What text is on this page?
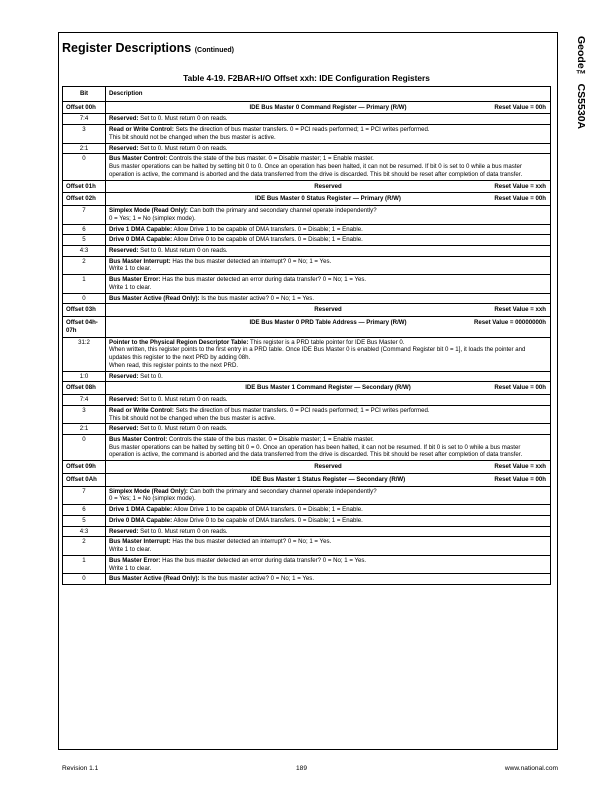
Geode™ CS5530A
Register Descriptions (Continued)
Table 4-19. F2BAR+I/O Offset xxh: IDE Configuration Registers
Bit	Description
Offset 00h	IDE Bus Master 0 Command Register — Primary (R/W) Reset Value = 00h

7:4	Reserved: Set to 0. Must return 0 on reads.
3	Read or Write Control: Sets the direction of bus master transfers. 0 = PCI reads performed; 1 = PCI writes performed.
This bit should not be changed when the bus master is active.

2:1	Reserved: Set to 0. Must return 0 on reads.
0	Bus Master Control: Controls the state of the bus master. 0 = Disable master; 1 = Enable master.
Bus master operations can be halted by setting bit 0 to 0. Once an operation has been halted, it can not be resumed. If bit 0 is set to 0 while a bus master operation is active, the command is aborted and the data transferred from the drive is discarded. This bit should be reset after completion of data transfer.

Offset 01h	Reserved Reset Value = xxh

Offset 02h	IDE Bus Master 0 Status Register — Primary (R/W) Reset Value = 00h

7	Simplex Mode (Read Only): Can both the primary and secondary channel operate independently?
0 = Yes; 1 = No (simplex mode).

6	Drive 1 DMA Capable: Allow Drive 1 to be capable of DMA transfers. 0 = Disable; 1 = Enable.
5	Drive 0 DMA Capable: Allow Drive 0 to be capable of DMA transfers. 0 = Disable; 1 = Enable.
4:3	Reserved: Set to 0. Must return 0 on reads.
2	Bus Master Interrupt: Has the bus master detected an interrupt? 0 = No; 1 = Yes.
Write 1 to clear.

1	Bus Master Error: Has the bus master detected an error during data transfer? 0 = No; 1 = Yes.
Write 1 to clear.

0	Bus Master Active (Read Only): Is the bus master active? 0 = No; 1 = Yes.
Offset 03h	Reserved Reset Value = xxh

Offset 04h-07h	IDE Bus Master 0 PRD Table Address — Primary (R/W) Reset Value = 00000000h

31:2	Pointer to the Physical Region Descriptor Table: This register is a PRD table pointer for IDE Bus Master 0.
When written, this register points to the first entry in a PRD table. Once IDE Bus Master 0 is enabled (Command Register bit 0 = 1], it loads the pointer and updates this register to the next PRD by adding 08h.
When read, this register points to the next PRD.

1:0	Reserved: Set to 0.
Offset 08h	IDE Bus Master 1 Command Register — Secondary (R/W) Reset Value = 00h

7:4	Reserved: Set to 0. Must return 0 on reads.
3	Read or Write Control: Sets the direction of bus master transfers. 0 = PCI reads performed; 1 = PCI writes performed.
This bit should not be changed when the bus master is active.

2:1	Reserved: Set to 0. Must return 0 on reads.
0	Bus Master Control: Controls the state of the bus master. 0 = Disable master; 1 = Enable master.
Bus master operations can be halted by setting bit 0 = 0. Once an operation has been halted, it can not be resumed. If bit 0 is set to 0 while a bus master operation is active, the command is aborted and the data transferred from the drive is discarded. This bit should be reset after completion of data transfer.

Offset 09h	Reserved Reset Value = xxh

Offset 0Ah	IDE Bus Master 1 Status Register — Secondary (R/W) Reset Value = 00h

7	Simplex Mode (Read Only): Can both the primary and secondary channel operate independently?
0 = Yes; 1 = No (simplex mode).

6	Drive 1 DMA Capable: Allow Drive 1 to be capable of DMA transfers. 0 = Disable; 1 = Enable.
5	Drive 0 DMA Capable: Allow Drive 0 to be capable of DMA transfers. 0 = Disable; 1 = Enable.
4:3	Reserved: Set to 0. Must return 0 on reads.
2	Bus Master Interrupt: Has the bus master detected an interrupt? 0 = No; 1 = Yes.
Write 1 to clear.

1	Bus Master Error: Has the bus master detected an error during data transfer? 0 = No; 1 = Yes.
Write 1 to clear.

0	Bus Master Active (Read Only): Is the bus master active? 0 = No; 1 = Yes.
Revision 1.1	189	www.national.com
